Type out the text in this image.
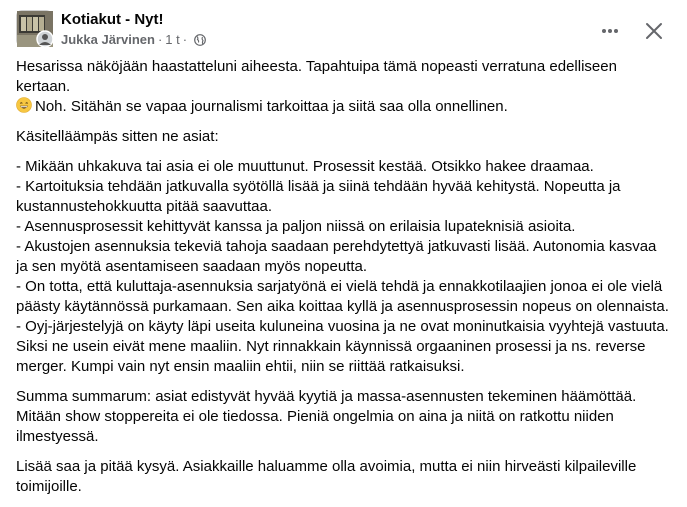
Kotiakut - Nyt!
Jukka Järvinen · 1 t ·

Hesarissa näköjään haastatteluni aiheesta. Tapahtuipa tämä nopeasti verratuna edelliseen kertaan.
Noh. Sitähän se vapaa journalismi tarkoittaa ja siitä saa olla onnellinen.

Käsitelläämpäs sitten ne asiat:

- Mikään uhkakuva tai asia ei ole muuttunut. Prosessit kestää. Otsikko hakee draamaa.

- Kartoituksia tehdään jatkuvalla syötöllä lisää ja siinä tehdään hyvää kehitystä. Nopeutta ja kustannustehokkuutta pitää saavuttaa.

- Asennusprosessit kehittyvät kanssa ja paljon niissä on erilaisia lupateknisiä asioita.

- Akustojen asennuksia tekeviä tahoja saadaan perehdytettyä jatkuvasti lisää. Autonomia kasvaa ja sen myötä asentamiseen saadaan myös nopeutta.

- On totta, että kuluttaja-asennuksia sarjatyönä ei vielä tehdä ja ennakkotilaajien jonoa ei ole vielä päästy käytännössä purkamaan. Sen aika koittaa kyllä ja asennusprosessin nopeus on olennaista.

- Oyj-järjestelyjä on käyty läpi useita kuluneina vuosina ja ne ovat moninutkaisia vyyhtejä vastuuta. Siksi ne usein eivät mene maaliin. Nyt rinnakkain käynnissä orgaaninen prosessi ja ns. reverse merger. Kumpi vain nyt ensin maaliin ehtii, niin se riittää ratkaisuksi.

Summa summarum: asiat edistyvät hyvää kyytiä ja massa-asennusten tekeminen häämöttää. Mitään show stoppereita ei ole tiedossa. Pieniä ongelmia on aina ja niitä on ratkottu niiden ilmestyessä.

Lisää saa ja pitää kysyä. Asiakkaille haluamme olla avoimia, mutta ei niin hirveästi kilpaileville toimijoille.
